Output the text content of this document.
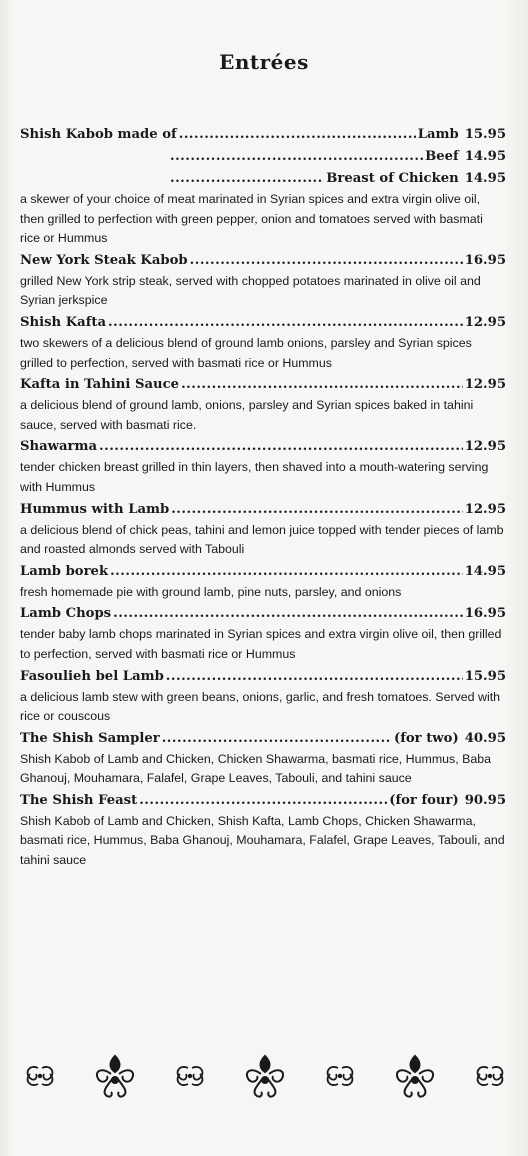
Entrées
Shish Kabob made of .....	Lamb 15.95
.....
Beef 14.95
.....
Breast of Chicken 14.95
a skewer of your choice of meat marinated in Syrian spices and extra virgin olive oil, then grilled to perfection with green pepper, onion and tomatoes served with basmati rice or Hummus
New York Steak Kabob .....	16.95
grilled New York strip steak, served with chopped potatoes marinated in olive oil and Syrian jerkspice
Shish Kafta .....	12.95
two skewers of a delicious blend of ground lamb onions, parsley and Syrian spices grilled to perfection, served with basmati rice or Hummus
Kafta in Tahini Sauce .....	12.95
a delicious blend of ground lamb, onions, parsley and Syrian spices baked in tahini sauce, served with basmati rice.
Shawarma .....	12.95
tender chicken breast grilled in thin layers, then shaved into a mouth-watering serving with Hummus
Hummus with Lamb .....	12.95
a delicious blend of chick peas, tahini and lemon juice topped with tender pieces of lamb and roasted almonds served with Tabouli
Lamb borek .....	14.95
fresh homemade pie with ground lamb, pine nuts, parsley, and onions
Lamb Chops .....	16.95
tender baby lamb chops marinated in Syrian spices and extra virgin olive oil, then grilled to perfection, served with basmati rice or Hummus
Fasoulieh bel Lamb .....	15.95
a delicious lamb stew with green beans, onions, garlic, and fresh tomatoes. Served with rice or couscous
The Shish Sampler .....	(for two) 40.95
Shish Kabob of Lamb and Chicken, Chicken Shawarma, basmati rice, Hummus, Baba Ghanouj, Mouhamara, Falafel, Grape Leaves, Tabouli, and tahini sauce
The Shish Feast .....	(for four) 90.95
Shish Kabob of Lamb and Chicken, Shish Kafta, Lamb Chops, Chicken Shawarma, basmati rice, Hummus, Baba Ghanouj, Mouhamara, Falafel, Grape Leaves, Tabouli, and tahini sauce
